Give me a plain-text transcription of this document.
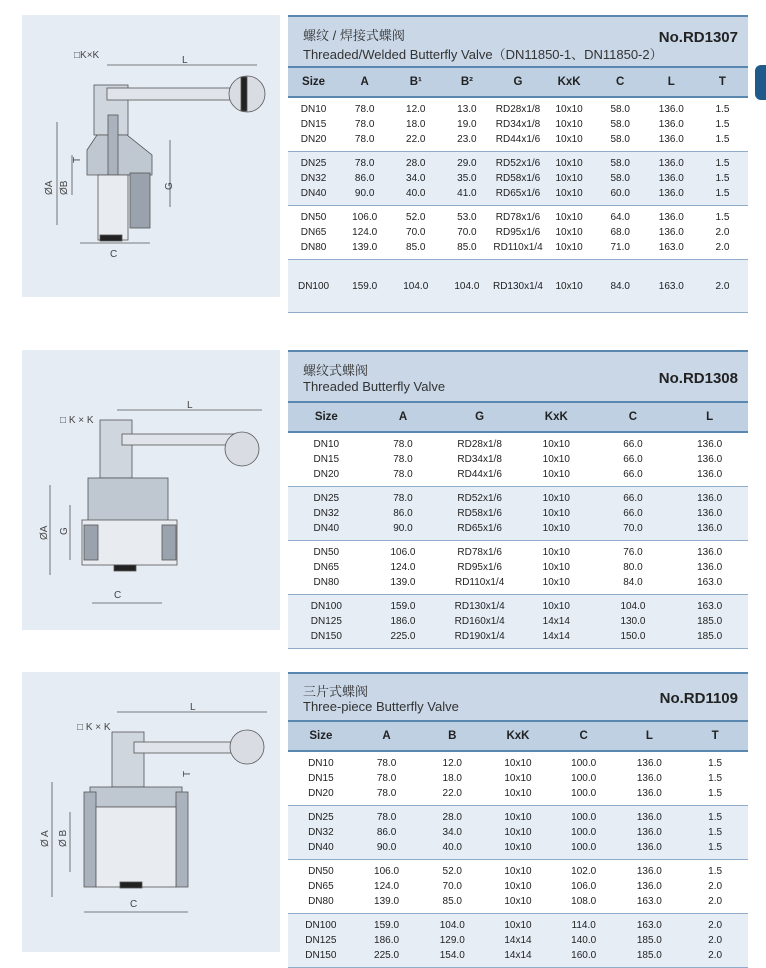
□K×K	L
ØA ØB
T
G
C
螺纹 / 焊接式蝶阀
Threaded/Welded Butterfly Valve（DN11850-1、DN11850-2）
No.RD1307
Size	A	B¹	B²	G	KxK	C	L	T
DN10	78.0	12.0	13.0	RD28x1/8	10x10	58.0	136.0	1.5
DN15	78.0	18.0	19.0	RD34x1/8	10x10	58.0	136.0	1.5
DN20	78.0	22.0	23.0	RD44x1/6	10x10	58.0	136.0	1.5
DN25	78.0	28.0	29.0	RD52x1/6	10x10	58.0	136.0	1.5
DN32	86.0	34.0	35.0	RD58x1/6	10x10	58.0	136.0	1.5
DN40	90.0	40.0	41.0	RD65x1/6	10x10	60.0	136.0	1.5
DN50	106.0	52.0	53.0	RD78x1/6	10x10	64.0	136.0	1.5
DN65	124.0	70.0	70.0	RD95x1/6	10x10	68.0	136.0	2.0
DN80	139.0	85.0	85.0	RD110x1/4	10x10	71.0	163.0	2.0
DN100	159.0	104.0	104.0	RD130x1/4	10x10	84.0	163.0	2.0
□ K × K
L
ØA G
C
螺纹式蝶阀
Threaded Butterfly Valve	No.RD1308
Size	A	G	KxK	C	L
DN10	78.0	RD28x1/8	10x10	66.0	136.0
DN15	78.0	RD34x1/8	10x10	66.0	136.0
DN20	78.0	RD44x1/6	10x10	66.0	136.0
DN25	78.0	RD52x1/6	10x10	66.0	136.0
DN32	86.0	RD58x1/6	10x10	66.0	136.0
DN40	90.0	RD65x1/6	10x10	70.0	136.0
DN50	106.0	RD78x1/6	10x10	76.0	136.0
DN65	124.0	RD95x1/6	10x10	80.0	136.0
DN80	139.0	RD110x1/4	10x10	84.0	163.0
DN100	159.0	RD130x1/4	10x10	104.0	163.0
DN125	186.0	RD160x1/4	14x14	130.0	185.0
DN150	225.0	RD190x1/4	14x14	150.0	185.0
□ K × K
L
Ø A Ø B
T
C
三片式蝶阀
Three-piece Butterfly Valve	No.RD1109
Size	A	B	KxK	C	L	T
DN10	78.0	12.0	10x10	100.0	136.0	1.5
DN15	78.0	18.0	10x10	100.0	136.0	1.5
DN20	78.0	22.0	10x10	100.0	136.0	1.5
DN25	78.0	28.0	10x10	100.0	136.0	1.5
DN32	86.0	34.0	10x10	100.0	136.0	1.5
DN40	90.0	40.0	10x10	100.0	136.0	1.5
DN50	106.0	52.0	10x10	102.0	136.0	1.5
DN65	124.0	70.0	10x10	106.0	136.0	2.0
DN80	139.0	85.0	10x10	108.0	163.0	2.0
DN100	159.0	104.0	10x10	114.0	163.0	2.0
DN125	186.0	129.0	14x14	140.0	185.0	2.0
DN150	225.0	154.0	14x14	160.0	185.0	2.0
